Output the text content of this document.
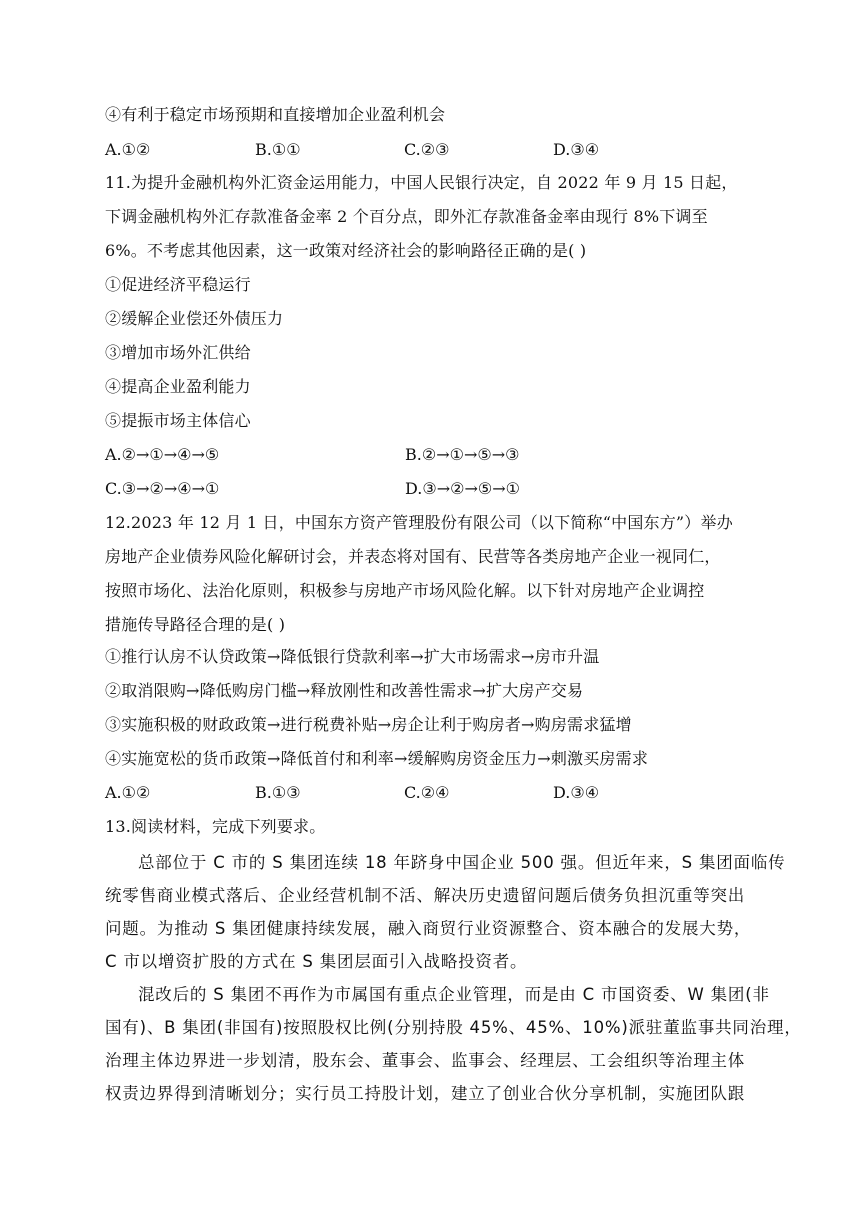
④有利于稳定市场预期和直接增加企业盈利机会
A.①②	B.①①	C.②③	D.③④
11.为提升金融机构外汇资金运用能力，中国人民银行决定，自 2022 年 9 月 15 日起，
下调金融机构外汇存款准备金率 2 个百分点，即外汇存款准备金率由现行 8%下调至
6%。不考虑其他因素，这一政策对经济社会的影响路径正确的是( )
①促进经济平稳运行
②缓解企业偿还外债压力
③增加市场外汇供给
④提高企业盈利能力
⑤提振市场主体信心
A.②→①→④→⑤	B.②→①→⑤→③
C.③→②→④→①	D.③→②→⑤→①
12.2023 年 12 月 1 日，中国东方资产管理股份有限公司（以下简称“中国东方”）举办
房地产企业债券风险化解研讨会，并表态将对国有、民营等各类房地产企业一视同仁，
按照市场化、法治化原则，积极参与房地产市场风险化解。以下针对房地产企业调控
措施传导路径合理的是( )
①推行认房不认贷政策→降低银行贷款利率→扩大市场需求→房市升温
②取消限购→降低购房门槛→释放刚性和改善性需求→扩大房产交易
③实施积极的财政政策→进行税费补贴→房企让利于购房者→购房需求猛增
④实施宽松的货币政策→降低首付和利率→缓解购房资金压力→刺激买房需求
A.①②	B.①③	C.②④	D.③④
13.阅读材料，完成下列要求。
总部位于 C 市的 S 集团连续 18 年跻身中国企业 500 强。但近年来，S 集团面临传
统零售商业模式落后、企业经营机制不活、解决历史遗留问题后债务负担沉重等突出
问题。为推动 S 集团健康持续发展，融入商贸行业资源整合、资本融合的发展大势，
C 市以增资扩股的方式在 S 集团层面引入战略投资者。
混改后的 S 集团不再作为市属国有重点企业管理，而是由 C 市国资委、W 集团(非
国有)、B 集团(非国有)按照股权比例(分别持股 45%、45%、10%)派驻董监事共同治理，
治理主体边界进一步划清，股东会、董事会、监事会、经理层、工会组织等治理主体
权责边界得到清晰划分；实行员工持股计划，建立了创业合伙分享机制，实施团队跟
